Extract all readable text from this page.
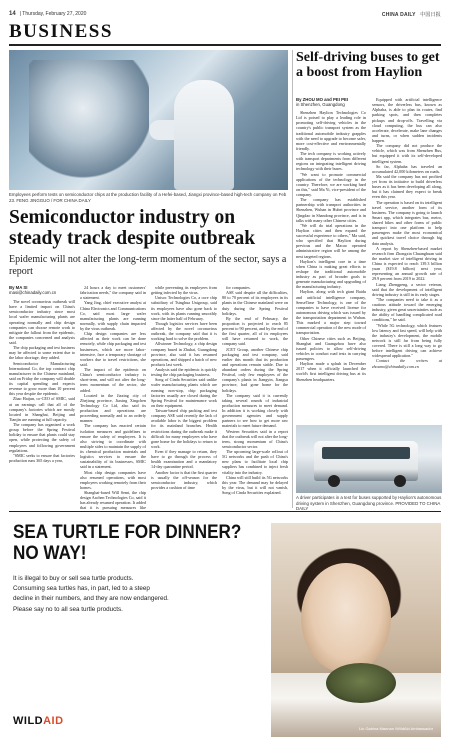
14 | Thursday, February 27, 2020	CHINA DAILY 中国日报
BUSINESS
Employees perform tests on semiconductor chips at the production facility of a Hefei-based, Jiangxi province-based high-tech company on Feb 23. FENG JINGGUO / FOR CHINA DAILY
Semiconductor industry on steady track despite outbreak
Epidemic will not alter the long-term momentum of the sector, says a report
By MA SI
masi@chinadaily.com.cn

The novel coronavirus outbreak will have a limited impact on China's semiconductor industry since most local wafer manufacturing plants are operating normally and chip design companies can choose remote work to mitigate the fallout from the epidemic, the companies concerned and analysts said.

The chip packaging and test business may be affected to some extent due to the labor shortage, they added.

Semiconductor Manufacturing International Co, the top contract chip manufacturer in the Chinese mainland, said on Friday the company will double its capital spending and expects revenue to grow more than 10 percent this year despite the epidemic.

Zhao Haijun, co-CEO of SMIC, said at an earnings call that all of the company's factories which are mostly located in Shanghai, Beijing and Tianjin are running at full capacity.

The company has organized a work group before the Spring Festival holiday to ensure that plants could stay open, while protecting the safety of employees and following government regulations.

"SMIC seeks to ensure that factories production runs 365 days a year,

24 hours a day to meet customers' fabrication needs," the company said in a statement.

Yang Jing, chief executive analyst at China Electronics and Communications Co, said most large wafer manufacturing plants are running normally, with supply chain impacted by the virus outbreak.

Chip design companies are less affected as their work can be done remotely, while chip packaging and test businesses, which are more labor-intensive, face a temporary shortage of workers due to travel restrictions, she said.

The impact of the epidemic on China's semiconductor industry is short-term, and will not alter the long-term momentum of the sector, she added.

Located in the Jiaxing city of Zhejiang province, Jiaxing Xingchen Technology Co Ltd, also said its production and operations are proceeding normally and to an orderly manner.

The company has enacted certain isolation measures and guidelines to ensure the safety of employees. It is also striving to coordinate with multiple sides to maintain the supply of its chemical production materials and logistics services to ensure the sustainability of its businesses, SMIC said in a statement.

Most chip design companies have also resumed operations, with most employees working remotely from their homes.

Shanghai-based Will Semi, the chip design Aachen Technologies Co, said it has already resumed operation. It added that it is pursuing measures like

while preventing its employees from getting infected by the virus.

Unisoc Technologies Co, a core chip subsidiary of Tsinghua Unigroup, said its employees have also gone back to work, with its plants running smoothly since the latter half of February.

Though logistics services have been affected by the novel coronavirus outbreak, the company said that it is working hard to solve the problem.

Allwinner Technology, a chip design company based in Zhuhai, Guangdong province, also said it has resumed operations, and shipped a batch of new products last week.

Analysts said the epidemic is quickly testing the chip packaging business.

Song of Cinda Securities said unlike wafer manufacturing plants which are running non-stop, chip packaging factories usually are closed during the Spring Festival for maintenance work on their equipment.

Taiwan-based chip packing and test company ASE said recently the lack of available labor is the biggest problem for its mainland branches. Health restrictions during the outbreak make it difficult for many employees who have gone home for the holidays to return to work.

Even if they manage to return, they have to go through the process of health examination and a mandatory 14-day quarantine period.

Another factor is that the first quarter is usually the off-season for the semiconductor industry, which provides a cushion of time

for companies.

ASE said despite all the difficulties, 80 to 70 percent of its employees in its plants in the Chinese mainland were on duty during the Spring Festival holidays.

By the end of February, the proportion is projected to reach 85 percent to 90 percent, and by the end of the first quarter, all of its employees will have returned to work, the company said.

JCET Group, another Chinese chip packaging and test company, said earlier this month that its production and operations remain stable. Due to abundant orders during the Spring Festival, only few employees of the company's plants in Jiangyin, Jiangsu province, had gone home for the holidays.

The company said it is currently taking several rounds of industrial production measures to meet demand. In addition it is working closely with government agencies and supply partners to see how to get more raw materials to meet future demand.

Western Securities said in a report that the outbreak will not alter the long-term, strong momentum of China's semiconductor sector.

The upcoming large-scale rollout of 5G networks and the push of China's new plans to facilitate local chip suppliers has combined to inject fresh vitality into the industry.

China will still build its 5G networks this year. The demand may be delayed by the virus, but it will not vanish, Song of Cinda Securities explained.

Self-driving buses to get a boost from Haylion
By ZHOU MO and PEI PEI
in Shenzhen, Guangdong

Shenzhen Haylion Technologies Co Ltd is poised to play a leading role in promoting self-driving vehicles in the country's public transport system as the traditional automobile industry grapples with the need to upgrade to become safer, more cost-effective and environmentally friendly.

The tech company is working actively with transport departments from different regions on integrating intelligent driving technology with their buses.

"We want to promote commercial applications of the technology in the country. Therefore, we are working hard on this," said Ma Yi, vice-president of the company.

The company has established partnership with transport authorities in Shenzhen, Wuhan in Hubei province and Qingdao in Shandong province, and is in talks with many other Chinese cities.

"We will do trial operations in the Haylion cities and then expand the successful experience to others," Ma said, who specified that Haylion during previous and the Macao operated administrative region will be among the next targeted regions.

Haylion's intelligent core in a time when China is making great efforts to reshape the traditional automobile industry as part of broader goals to generate manufacturing and upgrading of the manufacturing industry.

Haylion, along with tech giant Baidu and artificial intelligence company, SenseTime Technology, is one of the companies to have received license for autonomous driving which was issued by the transportation department in Wuhan. This marked a major step toward commercial operation of the new mode of transportation.

Other Chinese cities such as Beijing, Shanghai and Guangzhou have also issued policies to allow self-driving vehicles to conduct road tests in carrying passengers.

Haylion made a splash in December 2017 when it officially launched the world's first intelligent driving bus at its Shenzhen headquarters.

Equipped with artificial intelligence sensors, the driverless bus, known as Alphaba, is able to plan its routes, find parking spots, and then completes pickups and drop-offs. Travelling via cloud computing, the bus can also accelerate, decelerate, make lane changes and turns, or when sudden incidents happen.

The company did not produce the vehicle, which was from Shenzhen Bus, but equipped it with its self-developed intelligent system.

So far, Alphaba has traveled an accumulated 42,000 kilometers on roads.

Ma said the company has not profited yet from its initiative to build driverless buses as it has been developing all along, but it has claimed they expect to break even this year.

The operation is based on its intelligent travel service, another form of its business. The company is going to launch Smart app, which integrates bus, metro, shared bikes and other forms of public transport into one platform to help passengers make the most economical and quickest travel choice through big data analysis.

A report by Shenzhen-based market research firm Zhongxin Chuanghuan said the market size of intelligent driving in China is expected to reach 139.3 billion yuan ($19.8 billion) next year, representing an annual growth rate of 29.9 percent from 2019 to 2022.

Liang Zhengpeng, a sector veteran, said that the development of intelligent driving industry is still in its early stages.

"The companies need to take it as a cautious attitude toward the emerging industry, given great uncertainties such as the ability of handling complicated road conditions," he said.

"While 5G technology, which features low latency and fast speed, will help with the industry's development, the mobile network is still far from being fully covered. There is still a long way to go before intelligent driving can achieve widespread application."

Contact the writers at zhoumo@chinadaily.com.cn

A driver participates in a test for buses supported by Haylion's autonomous driving system in Shenzhen, Guangdong province. PROVIDED TO CHINA DAILY
SEA TURTLE FOR DINNER?
NO WAY!
It is illegal to buy or sell sea turtle products.
Consuming sea turtles has, in part, led to a steep
decline in their numbers, and they are now endangered.
Please say no to all sea turtle products.
WILDAID
Liu Gabina Mannan /WildAid Ambassador
